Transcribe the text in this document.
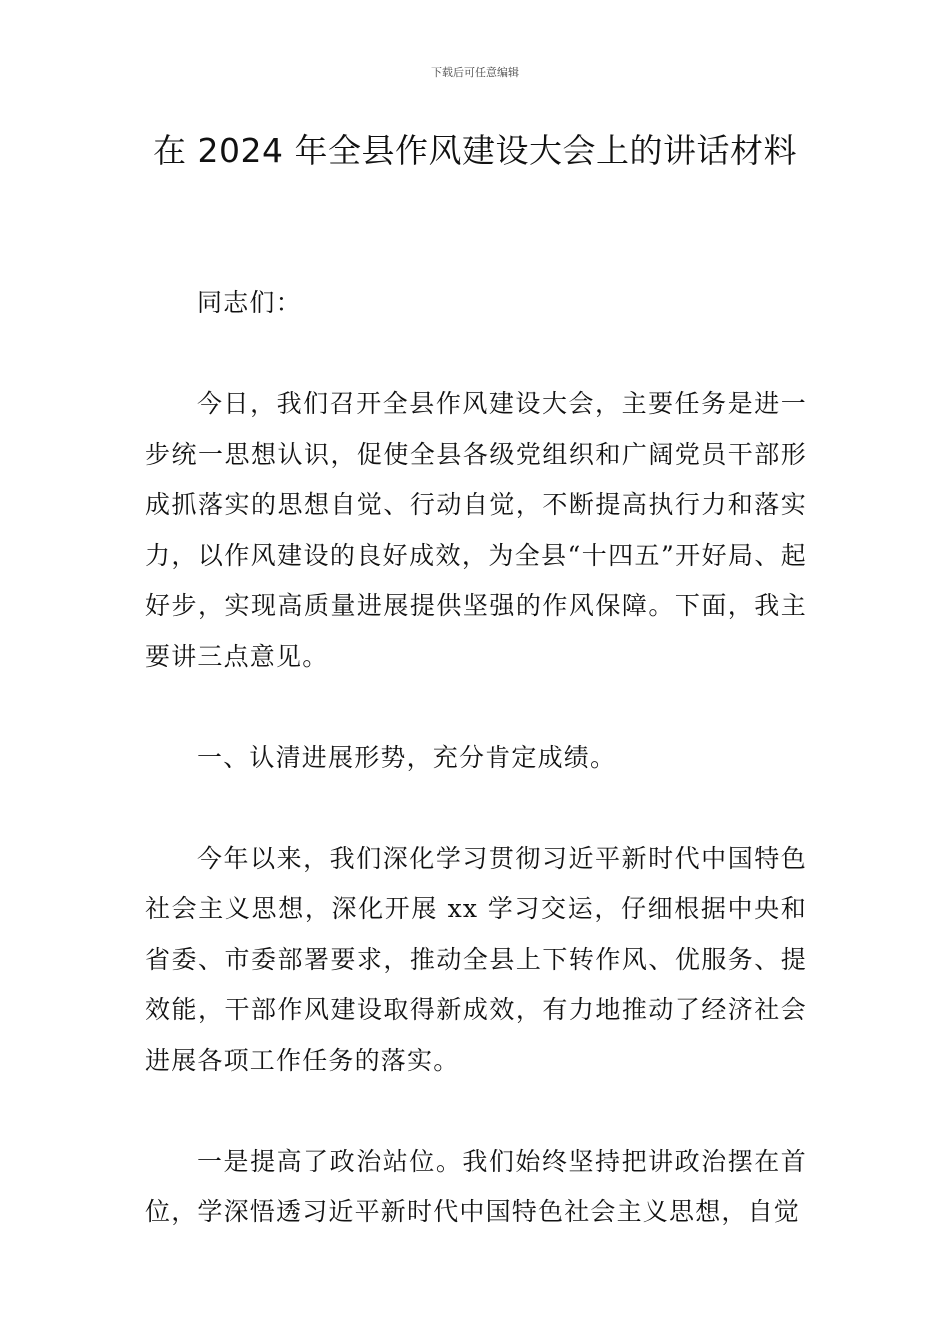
下载后可任意编辑
在 2024 年全县作风建设大会上的讲话材料

同志们：

今日，我们召开全县作风建设大会，主要任务是进一步统一思想认识，促使全县各级党组织和广阔党员干部形成抓落实的思想自觉、行动自觉，不断提高执行力和落实力，以作风建设的良好成效，为全县“十四五”开好局、起好步，实现高质量进展提供坚强的作风保障。下面，我主要讲三点意见。

一、认清进展形势，充分肯定成绩。

今年以来，我们深化学习贯彻习近平新时代中国特色社会主义思想，深化开展 xx 学习交运，仔细根据中央和省委、市委部署要求，推动全县上下转作风、优服务、提效能，干部作风建设取得新成效，有力地推动了经济社会进展各项工作任务的落实。

一是提高了政治站位。我们始终坚持把讲政治摆在首位，学深悟透习近平新时代中国特色社会主义思想，自觉
